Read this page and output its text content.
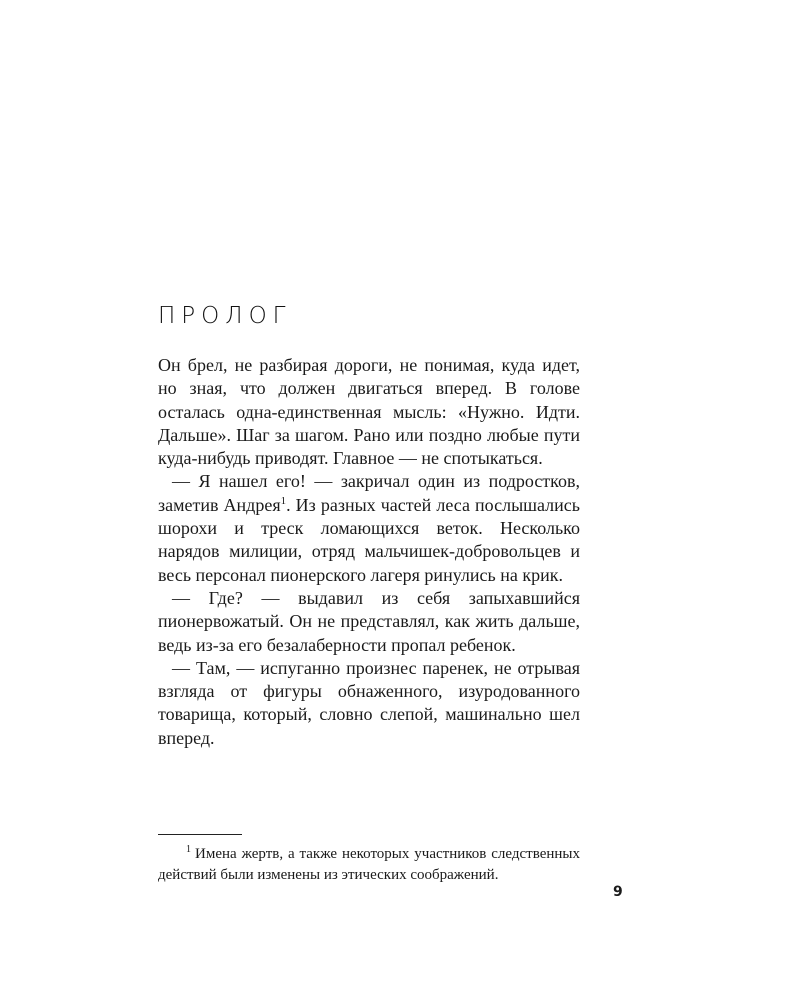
ПРОЛОГ

Он брел, не разбирая дороги, не понимая, куда идет, но зная, что должен двигаться вперед. В голове осталась одна-единственная мысль: «Нужно. Идти. Дальше». Шаг за шагом. Рано или поздно любые пути куда-нибудь приводят. Главное — не спотыкаться.

— Я нашел его! — закричал один из подростков, заметив Андрея$^1$. Из разных частей леса послышались шорохи и треск ломающихся веток. Несколько нарядов милиции, отряд мальчишек-добровольцев и весь персонал пионерского лагеря ринулись на крик.

— Где? — выдавил из себя запыхавшийся пионервожатый. Он не представлял, как жить дальше, ведь из-за его безалаберности пропал ребенок.

— Там, — испуганно произнес паренек, не отрывая взгляда от фигуры обнаженного, изуродованного товарища, который, словно слепой, машинально шел вперед.

$^1$ Имена жертв, а также некоторых участников следственных действий были изменены из этических соображений.
9
